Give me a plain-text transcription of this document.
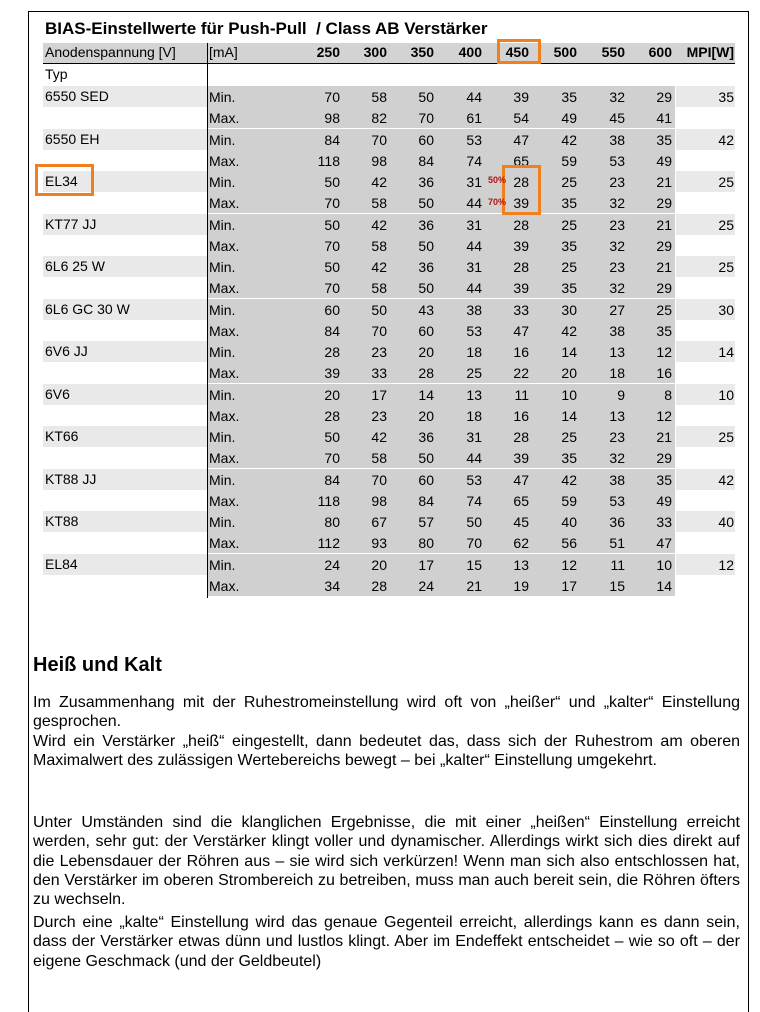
BIAS-Einstellwerte für Push-Pull  / Class AB Verstärker
Anodenspannung [V] [mA]	250	300	350	400	450	500	550	600	MPI[W]
Typ
6550 SED	Min.	70	58	50	44	39	35	32	29	35
Max.	98	82	70	61	54	49	45	41
6550 EH	Min.	84	70	60	53	47	42	38	35	42
Max.	118	98	84	74	65	59	53	49
EL34	Min.	50	42	36	31	28	25	23	21	25
Max.	70	58	50	44	39	35	32	29
KT77 JJ	Min.	50	42	36	31	28	25	23	21	25
Max.	70	58	50	44	39	35	32	29
6L6 25 W	Min.	50	42	36	31	28	25	23	21	25
Max.	70	58	50	44	39	35	32	29
6L6 GC 30 W	Min.	60	50	43	38	33	30	27	25	30
Max.	84	70	60	53	47	42	38	35
6V6 JJ	Min.	28	23	20	18	16	14	13	12	14
Max.	39	33	28	25	22	20	18	16
6V6	Min.	20	17	14	13	11	10	9	8	10
Max.	28	23	20	18	16	14	13	12
KT66	Min.	50	42	36	31	28	25	23	21	25
Max.	70	58	50	44	39	35	32	29
KT88 JJ	Min.	84	70	60	53	47	42	38	35	42
Max.	118	98	84	74	65	59	53	49
KT88	Min.	80	67	57	50	45	40	36	33	40
Max.	112	93	80	70	62	56	51	47
EL84	Min.	24	20	17	15	13	12	11	10	12
Max.	34	28	24	21	19	17	15	14
50%
70%
Heiß und Kalt

Im Zusammenhang mit der Ruhestromeinstellung wird oft von „heißer“ und „kalter“ Einstellung gesprochen.

Wird ein Verstärker „heiß“ eingestellt, dann bedeutet das, dass sich der Ruhestrom am oberen Maximalwert des zulässigen Wertebereichs bewegt – bei „kalter“ Einstellung umgekehrt.

Unter Umständen sind die klanglichen Ergebnisse, die mit einer „heißen“ Einstellung erreicht werden, sehr gut: der Verstärker klingt voller und dynamischer. Allerdings wirkt sich dies direkt auf die Lebensdauer der Röhren aus – sie wird sich verkürzen! Wenn man sich also entschlossen hat, den Verstärker im oberen Strombereich zu betreiben, muss man auch bereit sein, die Röhren öfters zu wechseln.

Durch eine „kalte“ Einstellung wird das genaue Gegenteil erreicht, allerdings kann es dann sein, dass der Verstärker etwas dünn und lustlos klingt. Aber im Endeffekt entscheidet – wie so oft – der eigene Geschmack (und der Geldbeutel)
